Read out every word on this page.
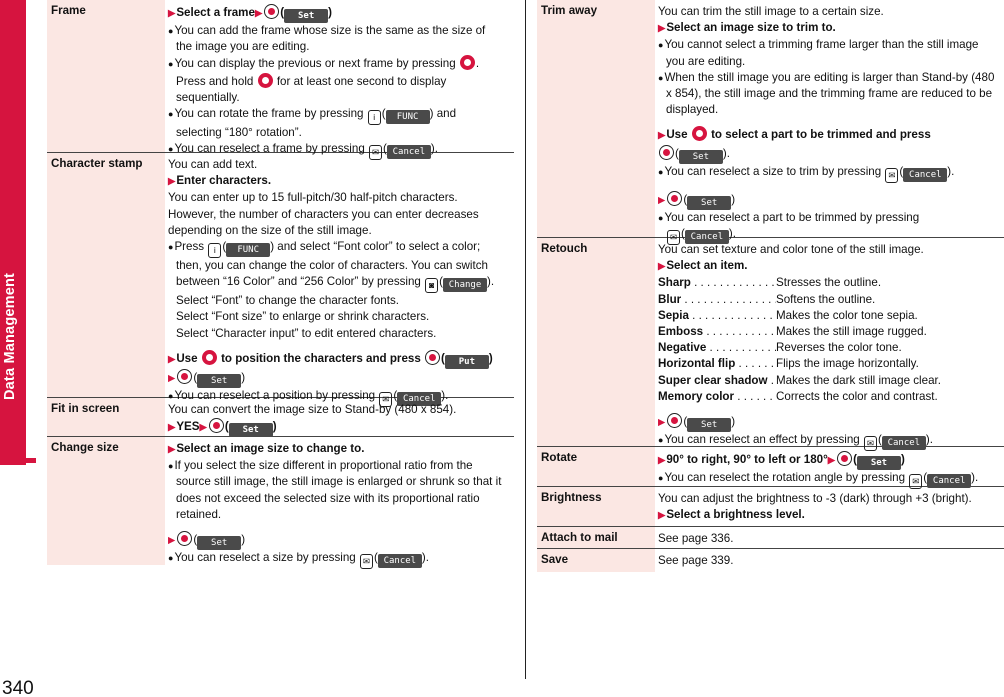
Data Management
340
Frame	▶Select a frame▶ ( Set )
●You can add the frame whose size is the same as the size of
the image you are editing.
●You can display the previous or next frame by pressing .
Press and hold for at least one second to display
sequentially.
●You can rotate the frame by pressing i ( FUNC ) and
selecting “180° rotation”.
●You can reselect a frame by pressing ✉ ( Cancel ).
Character stamp	You can add text.
▶Enter characters.
You can enter up to 15 full-pitch/30 half-pitch characters.
However, the number of characters you can enter decreases
depending on the size of the still image.
●Press i ( FUNC ) and select “Font color” to select a color;
then, you can change the color of characters. You can switch
between “16 Color” and “256 Color” by pressing ◙ ( Change ).
Select “Font” to change the character fonts.
Select “Font size” to enlarge or shrink characters.
Select “Character input” to edit entered characters.
▶Use to position the characters and press ( Put )
▶ ( Set )
●You can reselect a position by pressing ✉ ( Cancel ).
Fit in screen	You can convert the image size to Stand-by (480 x 854).
▶YES▶ ( Set )
Change size	▶Select an image size to change to.
●If you select the size different in proportional ratio from the
source still image, the still image is enlarged or shrunk so that it
does not exceed the selected size with its proportional ratio
retained.
▶ ( Set )
●You can reselect a size by pressing ✉ ( Cancel ).
Trim away	You can trim the still image to a certain size.
▶Select an image size to trim to.
●You cannot select a trimming frame larger than the still image
you are editing.
●When the still image you are editing is larger than Stand-by (480
x 854), the still image and the trimming frame are reduced to be
displayed.
▶Use to select a part to be trimmed and press
( Set ).
●You can reselect a size to trim by pressing ✉ ( Cancel ).
▶ ( Set )
●You can reselect a part to be trimmed by pressing
✉ ( Cancel ).
Retouch	You can set texture and color tone of the still image.
▶Select an item.
Sharp . . .	Stresses the outline.
Blur . . .	Softens the outline.
Sepia . . .	Makes the color tone sepia.
Emboss . . .	Makes the still image rugged.
Negative . . .	Reverses the color tone.
Horizontal flip . . .	Flips the image horizontally.
Super clear shadow . . . Makes the dark still image clear.
Memory color . . .	Corrects the color and contrast.
▶ ( Set )
●You can reselect an effect by pressing ✉ ( Cancel ).
Rotate	▶90° to right, 90° to left or 180°▶ ( Set )
●You can reselect the rotation angle by pressing ✉ ( Cancel ).
Brightness	You can adjust the brightness to -3 (dark) through +3 (bright).
▶Select a brightness level.
Attach to mail	See page 336.
Save	See page 339.
